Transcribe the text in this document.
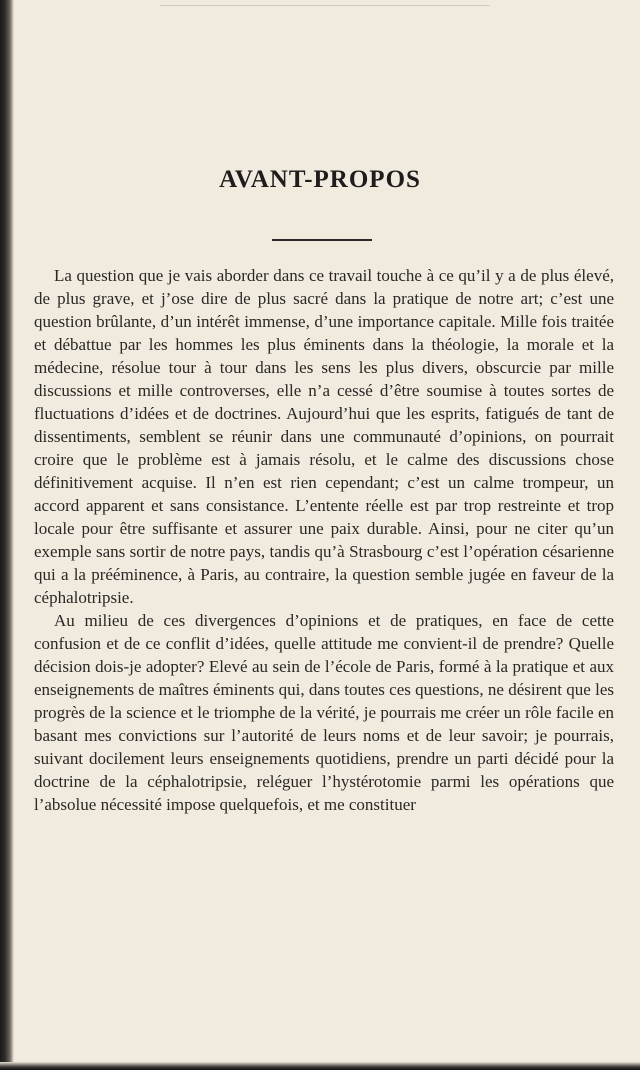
AVANT-PROPOS

La question que je vais aborder dans ce travail touche à ce qu’il y a de plus élevé, de plus grave, et j’ose dire de plus sacré dans la pratique de notre art; c’est une question brûlante, d’un intérêt immense, d’une importance capitale. Mille fois traitée et débattue par les hommes les plus éminents dans la théologie, la morale et la médecine, résolue tour à tour dans les sens les plus divers, obscurcie par mille discussions et mille controverses, elle n’a cessé d’être soumise à toutes sortes de fluctuations d’idées et de doctrines. Aujourd’hui que les esprits, fatigués de tant de dissentiments, semblent se réunir dans une communauté d’opinions, on pourrait croire que le problème est à jamais résolu, et le calme des discussions chose définitivement acquise. Il n’en est rien cependant; c’est un calme trompeur, un accord apparent et sans consistance. L’entente réelle est par trop restreinte et trop locale pour être suffisante et assurer une paix durable. Ainsi, pour ne citer qu’un exemple sans sortir de notre pays, tandis qu’à Strasbourg c’est l’opération césarienne qui a la prééminence, à Paris, au contraire, la question semble jugée en faveur de la céphalotripsie.

Au milieu de ces divergences d’opinions et de pratiques, en face de cette confusion et de ce conflit d’idées, quelle attitude me convient-il de prendre? Quelle décision dois-je adopter? Elevé au sein de l’école de Paris, formé à la pratique et aux enseignements de maîtres éminents qui, dans toutes ces questions, ne désirent que les progrès de la science et le triomphe de la vérité, je pourrais me créer un rôle facile en basant mes convictions sur l’autorité de leurs noms et de leur savoir; je pourrais, suivant docilement leurs enseignements quotidiens, prendre un parti décidé pour la doctrine de la céphalotripsie, reléguer l’hystérotomie parmi les opérations que l’absolue nécessité impose quelquefois, et me constituer
